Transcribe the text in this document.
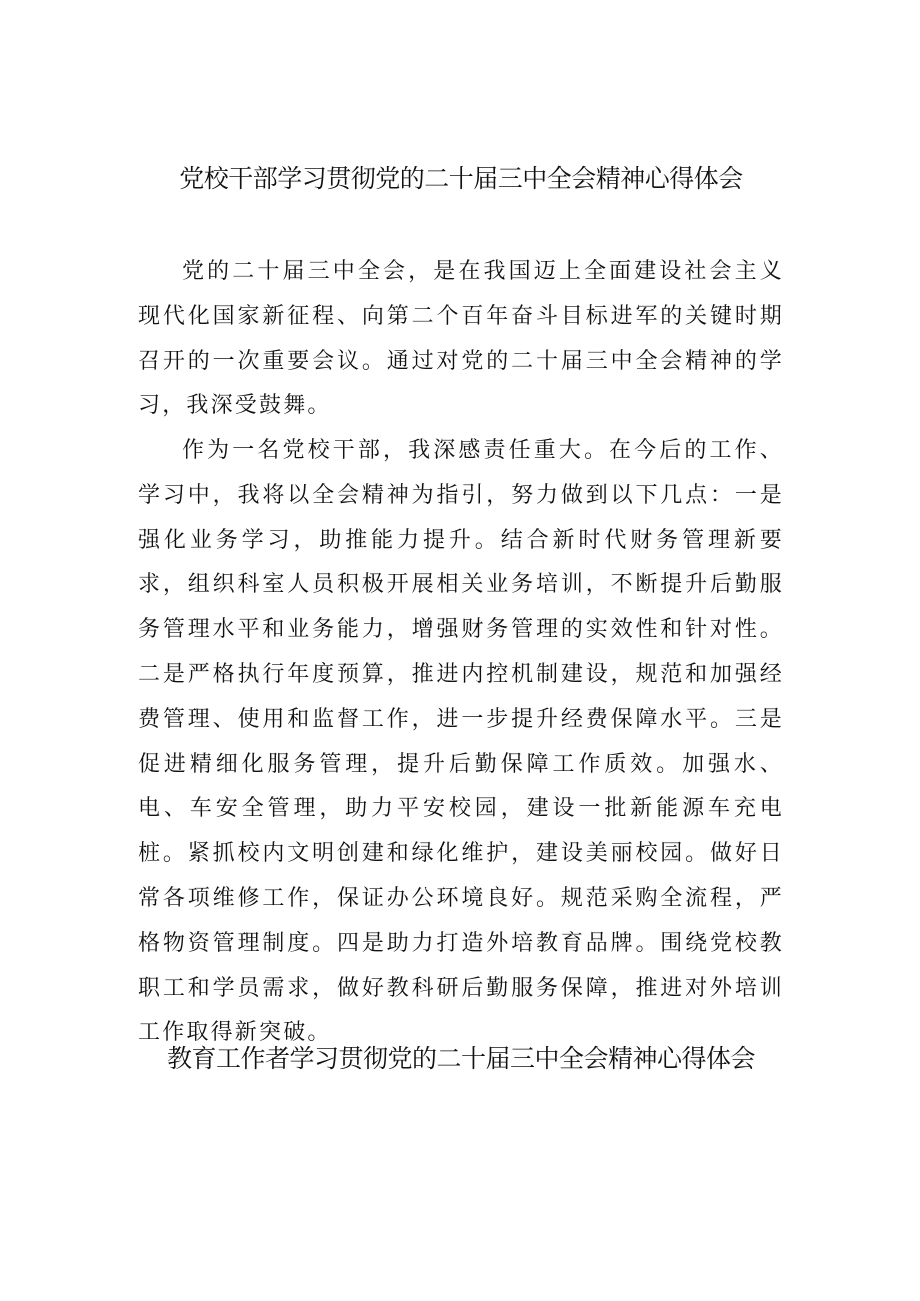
党校干部学习贯彻党的二十届三中全会精神心得体会

党的二十届三中全会，是在我国迈上全面建设社会主义现代化国家新征程、向第二个百年奋斗目标进军的关键时期召开的一次重要会议。通过对党的二十届三中全会精神的学习，我深受鼓舞。

作为一名党校干部，我深感责任重大。在今后的工作、学习中，我将以全会精神为指引，努力做到以下几点：一是强化业务学习，助推能力提升。结合新时代财务管理新要求，组织科室人员积极开展相关业务培训，不断提升后勤服务管理水平和业务能力，增强财务管理的实效性和针对性。二是严格执行年度预算，推进内控机制建设，规范和加强经费管理、使用和监督工作，进一步提升经费保障水平。三是促进精细化服务管理，提升后勤保障工作质效。加强水、电、车安全管理，助力平安校园，建设一批新能源车充电桩。紧抓校内文明创建和绿化维护，建设美丽校园。做好日常各项维修工作，保证办公环境良好。规范采购全流程，严格物资管理制度。四是助力打造外培教育品牌。围绕党校教职工和学员需求，做好教科研后勤服务保障，推进对外培训工作取得新突破。

教育工作者学习贯彻党的二十届三中全会精神心得体会
